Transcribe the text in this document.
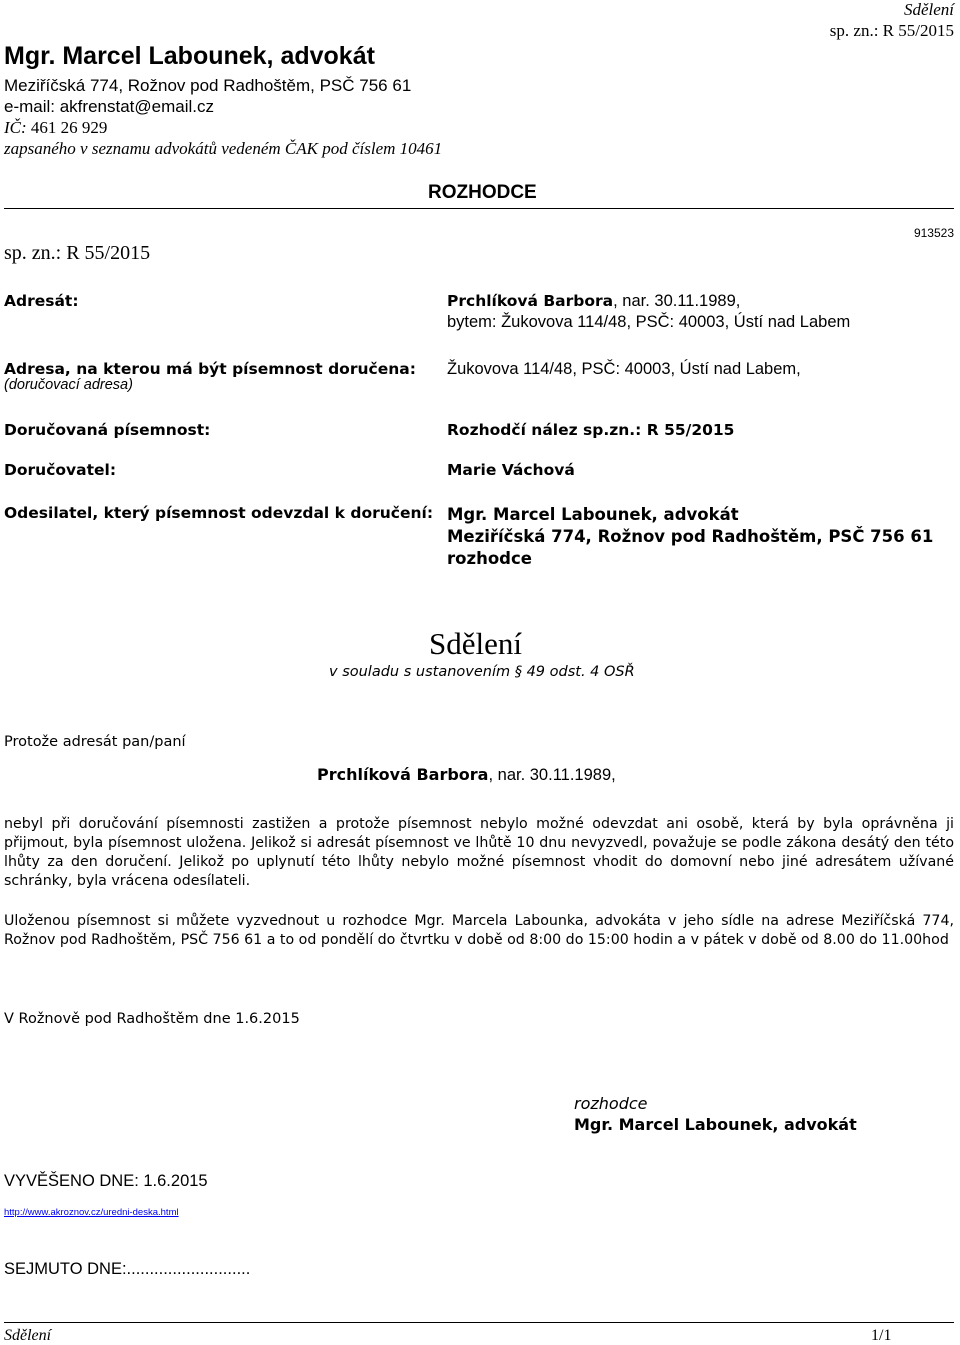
Mgr. Marcel Labounek, advokát
Meziříčská 774, Rožnov pod Radhoštěm, PSČ 756 61
e-mail: akfrenstat@email.cz
IČ: 461 26 929
zapsaného v seznamu advokátů vedeném ČAK pod číslem 10461
Sdělení
sp. zn.: R 55/2015
ROZHODCE
sp. zn.: R 55/2015
913523
Adresát:	Prchlíková Barbora, nar. 30.11.1989,
bytem: Žukovova 114/48, PSČ: 40003, Ústí nad Labem
Adresa, na kterou má být písemnost doručena:
(doručovací adresa)
Žukovova 114/48, PSČ: 40003, Ústí nad Labem,
Doručovaná písemnost:	Rozhodčí nález sp.zn.: R 55/2015
Doručovatel:	Marie Váchová
Odesilatel, který písemnost odevzdal k doručení: Mgr. Marcel Labounek, advokát
Meziříčská 774, Rožnov pod Radhoštěm, PSČ 756 61
rozhodce
Sdělení
v souladu s ustanovením § 49 odst. 4 OSŘ
Protože adresát pan/paní
Prchlíková Barbora, nar. 30.11.1989,
nebyl při doručování písemnosti zastižen a protože písemnost nebylo možné odevzdat ani osobě, která by byla oprávněna ji přijmout, byla písemnost uložena. Jelikož si adresát písemnost ve lhůtě 10 dnu nevyzvedl, považuje se podle zákona desátý den této lhůty za den doručení. Jelikož po uplynutí této lhůty nebylo možné písemnost vhodit do domovní nebo jiné adresátem užívané schránky, byla vrácena odesílateli.
Uloženou písemnost si můžete vyzvednout u rozhodce Mgr. Marcela Labounka, advokáta v jeho sídle na adrese Meziříčská 774, Rožnov pod Radhoštěm, PSČ 756 61 a to od pondělí do čtvrtku v době od 8:00 do 15:00 hodin a v pátek v době od 8.00 do 11.00hod
V Rožnově pod Radhoštěm dne 1.6.2015
rozhodce
Mgr. Marcel Labounek, advokát
VYVĚŠENO DNE: 1.6.2015
http://www.akroznov.cz/uredni-deska.html
SEJMUTO DNE:...........................
Sdělení	1/1
